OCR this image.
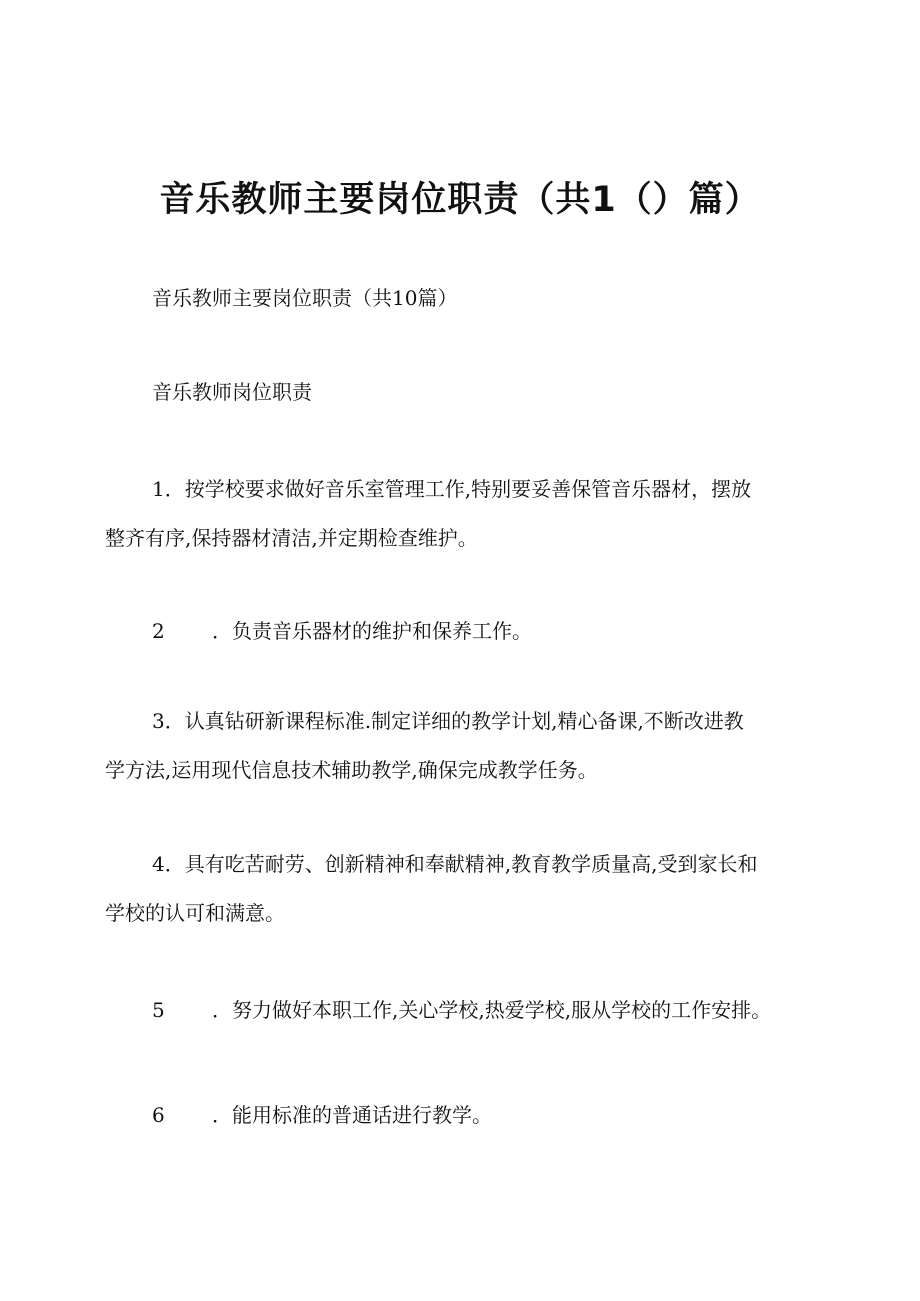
音乐教师主要岗位职责（共1（）篇）

音乐教师主要岗位职责（共10篇）

音乐教师岗位职责

1．按学校要求做好音乐室管理工作,特别要妥善保管音乐器材，摆放
整齐有序,保持器材清洁,并定期检查维护。

2 ．负责音乐器材的维护和保养工作。

3．认真钻研新课程标准.制定详细的教学计划,精心备课,不断改进教
学方法,运用现代信息技术辅助教学,确保完成教学任务。
4．具有吃苦耐劳、创新精神和奉献精神,教育教学质量高,受到家长和
学校的认可和满意。

5 ．努力做好本职工作,关心学校,热爱学校,服从学校的工作安排。

6 ．能用标准的普通话进行教学。
